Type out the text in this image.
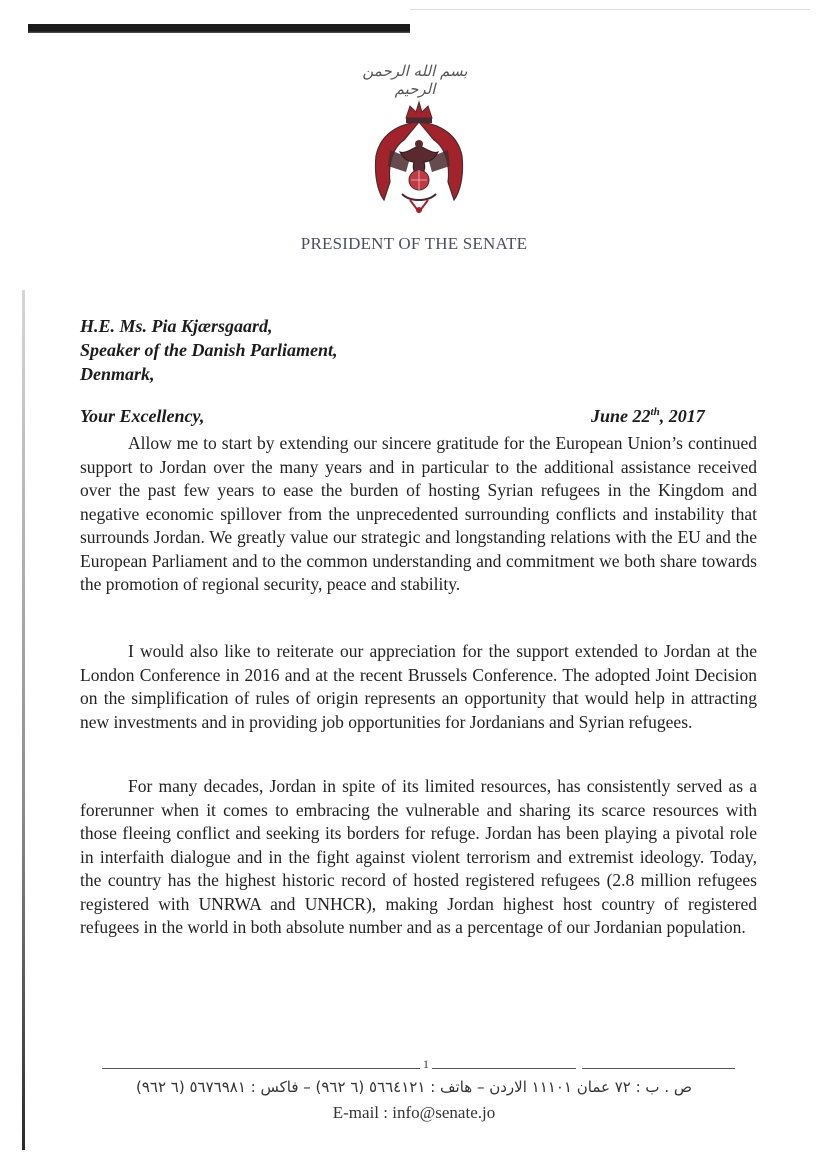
بسم الله الرحمن الرحيم
PRESIDENT OF THE SENATE
H.E. Ms. Pia Kjærsgaard,
Speaker of the Danish Parliament,
Denmark,
Your Excellency,	June 22th, 2017

Allow me to start by extending our sincere gratitude for the European Union’s continued support to Jordan over the many years and in particular to the additional assistance received over the past few years to ease the burden of hosting Syrian refugees in the Kingdom and negative economic spillover from the unprecedented surrounding conflicts and instability that surrounds Jordan. We greatly value our strategic and longstanding relations with the EU and the European Parliament and to the common understanding and commitment we both share towards the promotion of regional security, peace and stability.

I would also like to reiterate our appreciation for the support extended to Jordan at the London Conference in 2016 and at the recent Brussels Conference. The adopted Joint Decision on the simplification of rules of origin represents an opportunity that would help in attracting new investments and in providing job opportunities for Jordanians and Syrian refugees.

For many decades, Jordan in spite of its limited resources, has consistently served as a forerunner when it comes to embracing the vulnerable and sharing its scarce resources with those fleeing conflict and seeking its borders for refuge. Jordan has been playing a pivotal role in interfaith dialogue and in the fight against violent terrorism and extremist ideology. Today, the country has the highest historic record of hosted registered refugees (2.8 million refugees registered with UNRWA and UNHCR), making Jordan highest host country of registered refugees in the world in both absolute number and as a percentage of our Jordanian population.

1
ص . ب : ٧٢ عمان ١١١٠١ الاردن – هاتف : ٥٦٦٤١٢١ (٦ ٩٦٢) – فاكس : ٥٦٧٦٩٨١ (٦ ٩٦٢)
E-mail : info@senate.jo
